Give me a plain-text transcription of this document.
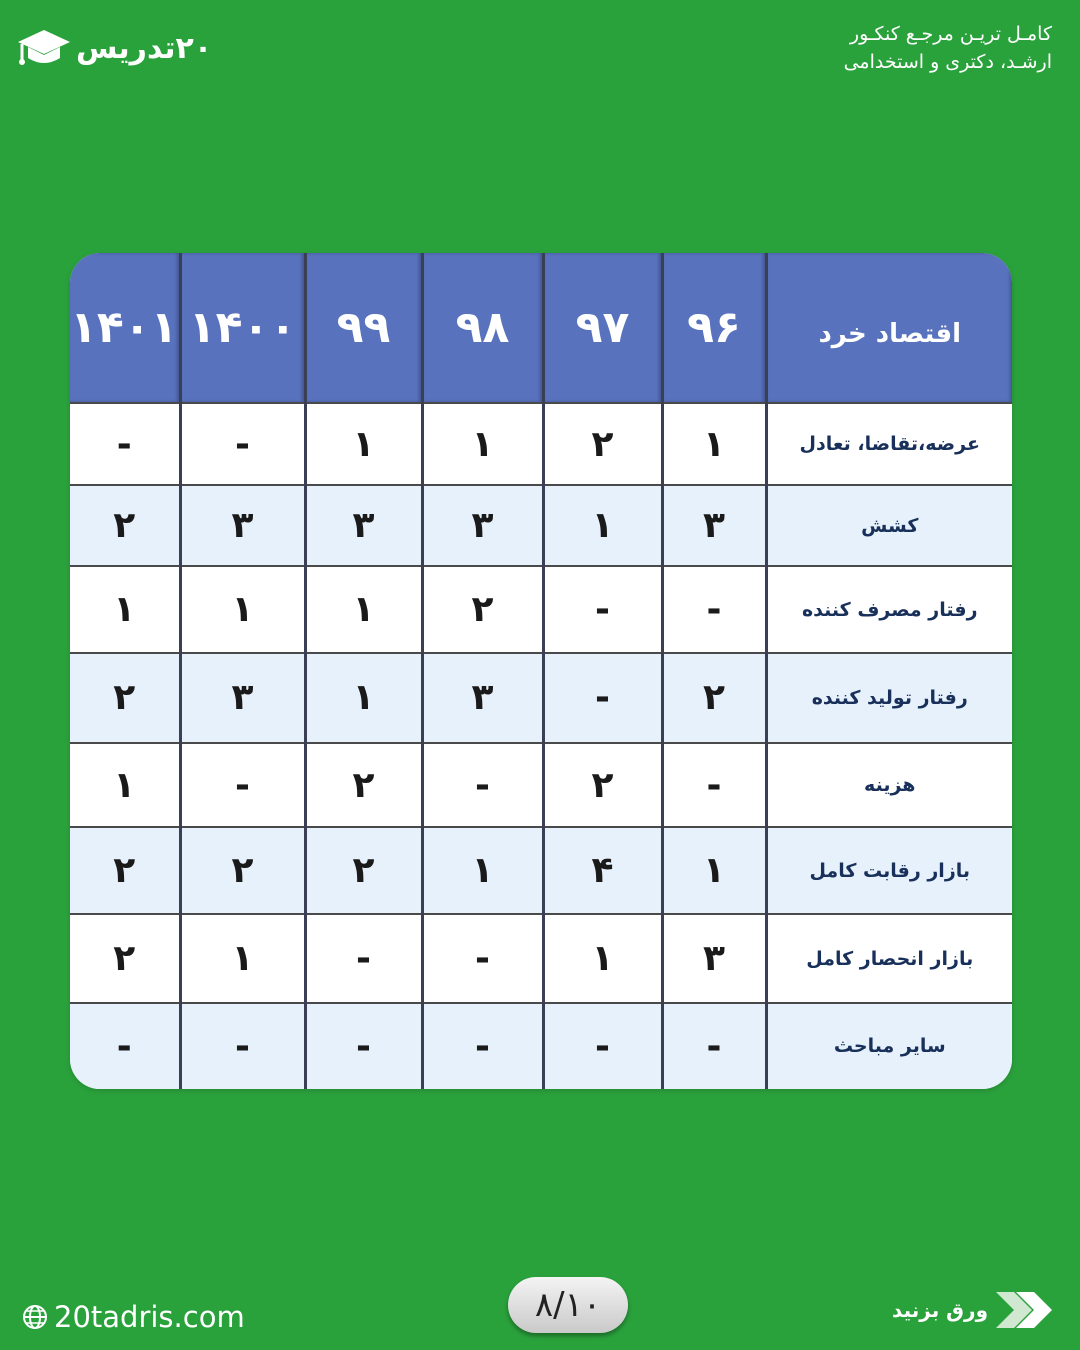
۲۰تدریس	کامـل تریـن مرجـع کنکـور
ارشـد، دکتری و استخدامی
اقتصاد خرد	۹۶	۹۷	۹۸	۹۹	۱۴۰۰	۱۴۰۱
عرضه،تقاضا، تعادل	۱	۲	۱	۱	-	-
کشش	۳	۱	۳	۳	۳	۲
رفتار مصرف کننده	-	-	۲	۱	۱	۱
رفتار تولید کننده	۲	-	۳	۱	۳	۲
هزینه	-	۲	-	۲	-	۱
بازار رقابت کامل	۱	۴	۱	۲	۲	۲
بازار انحصار کامل	۳	۱	-	-	۱	۲
سایر مباحث	-	-	-	-	-	-
20tadris.com	۸/۱۰	ورق بزنید
